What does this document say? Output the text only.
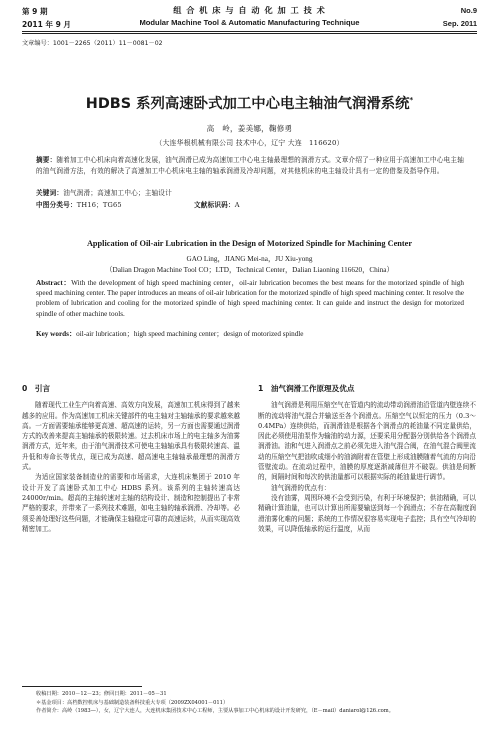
第 9 期
2011 年 9 月
组 合 机 床 与 自 动 化 加 工 技 术
Modular Machine Tool & Automatic Manufacturing Technique
No.9
Sep. 2011
文章编号：1001－2265（2011）11－0081－02
HDBS 系列高速卧式加工中心电主轴油气润滑系统*
高　岭，姜美娜，鞠修勇
（大连华根机械有限公司 技术中心，辽宁 大连　116620）
摘要：随着加工中心机床向着高速化发展，油气润滑已成为高速加工中心电主轴最理想的润滑方式。文章介绍了一种应用于高速加工中心电主轴的油气润滑方法，有效的解决了高速加工中心机床电主轴的轴承润滑及冷却问题，对其他机床的电主轴设计具有一定的借鉴及指导作用。
关键词：油气润滑；高速加工中心；主轴设计
中图分类号：TH16；TG65	文献标识码：A
Application of Oil-air Lubrication in the Design of Motorized Spindle for Machining Center
GAO Ling，JIANG Mei-na，JU Xiu-yong
（Dalian Dragon Machine Tool CO；LTD，Technical Center，Dalian Liaoning 116620，China）
Abstract：With the development of high speed machining center，oil-air lubrication becomes the best means for the motorized spindle of high speed machining center. The paper introduces an means of oil-air lubrication for the motorized spindle of high speed machining center. It resolve the problem of lubrication and cooling for the motorized spindle of high speed machining center. It can guide and instruct the design for motorized spindle of other machine tools.
Key words：oil-air lubrication；high speed machining center；design of motorized spindle
0　引言

随着现代工业生产向着高速、高效方向发展，高速加工机床得到了越来越多的应用。作为高速加工机床关键部件的电主轴对主轴轴承的要求越来越高。一方面需要轴承能够更高速、超高速的运转，另一方面也需要通过润滑方式的改善来提高主轴轴承的极限转速。过去机床市场上的电主轴多为油雾润滑方式，近年来，由于油气润滑技术可使电主轴轴承具有极限转速高、温升低和寿命长等优点，现已成为高速、超高速电主轴轴承最理想的润滑方式。

为适应国家装备制造业的需要和市场需求，大连机床集团于 2010 年设计开发了高速卧式加工中心 HDBS 系列。该系列的主轴转速高达 24000r/min。超高的主轴转速对主轴的结构设计、制造和控制提出了非常严格的要求，并带来了一系列技术难题，如电主轴的轴承润滑、冷却等。必须妥善处理好这些问题，才能确保主轴稳定可靠的高速运转，从而实现高效精密加工。

1　油气润滑工作原理及优点

油气润滑是利用压缩空气在管道内的流动带动润滑油沿管道内壁连续不断的流动将油气混合并输送至各个润滑点。压缩空气以恒定的压力（0.3～0.4MPa）连续供给，而润滑油是根据各个润滑点的耗油量不同定量供给，因此必须使用油泵作为输油的动力源，还要采用分配器分别供给各个润滑点润滑油。油和气进入润滑点之前必须先进入油气混合阀，在油气混合阀里流动的压缩空气把油吹成细小的油滴附着在管壁上形成油膜随着气流的方向沿管壁流动。在流动过程中，油膜的厚度逐渐减薄但并不破裂。供油是间断的，间隔时间和每次的供油量都可以根据实际的耗油量进行调节。

油气润滑的优点有：

没有油雾，周围环境不会受到污染，有利于环境保护；供油精确，可以精确计算油量，也可以计算出所需要输送到每一个润滑点；不存在高黏度润滑油雾化难的问题；系统的工作情况很容易实现电子监控；具有空气冷却的效果，可以降低轴承的运行温度，从而

收稿日期：2010－12－23；修回日期：2011－05－31
＊基金项目：高档数控机床与基础制造装备科技重大专项（2009ZX04001－011）
作者简介：高岭（1983—），女，辽宁大连人，大连机床集团技术中心工程师，主要从事加工中心机床的设计开发研究，（E－mail）daniarol@126.com。
